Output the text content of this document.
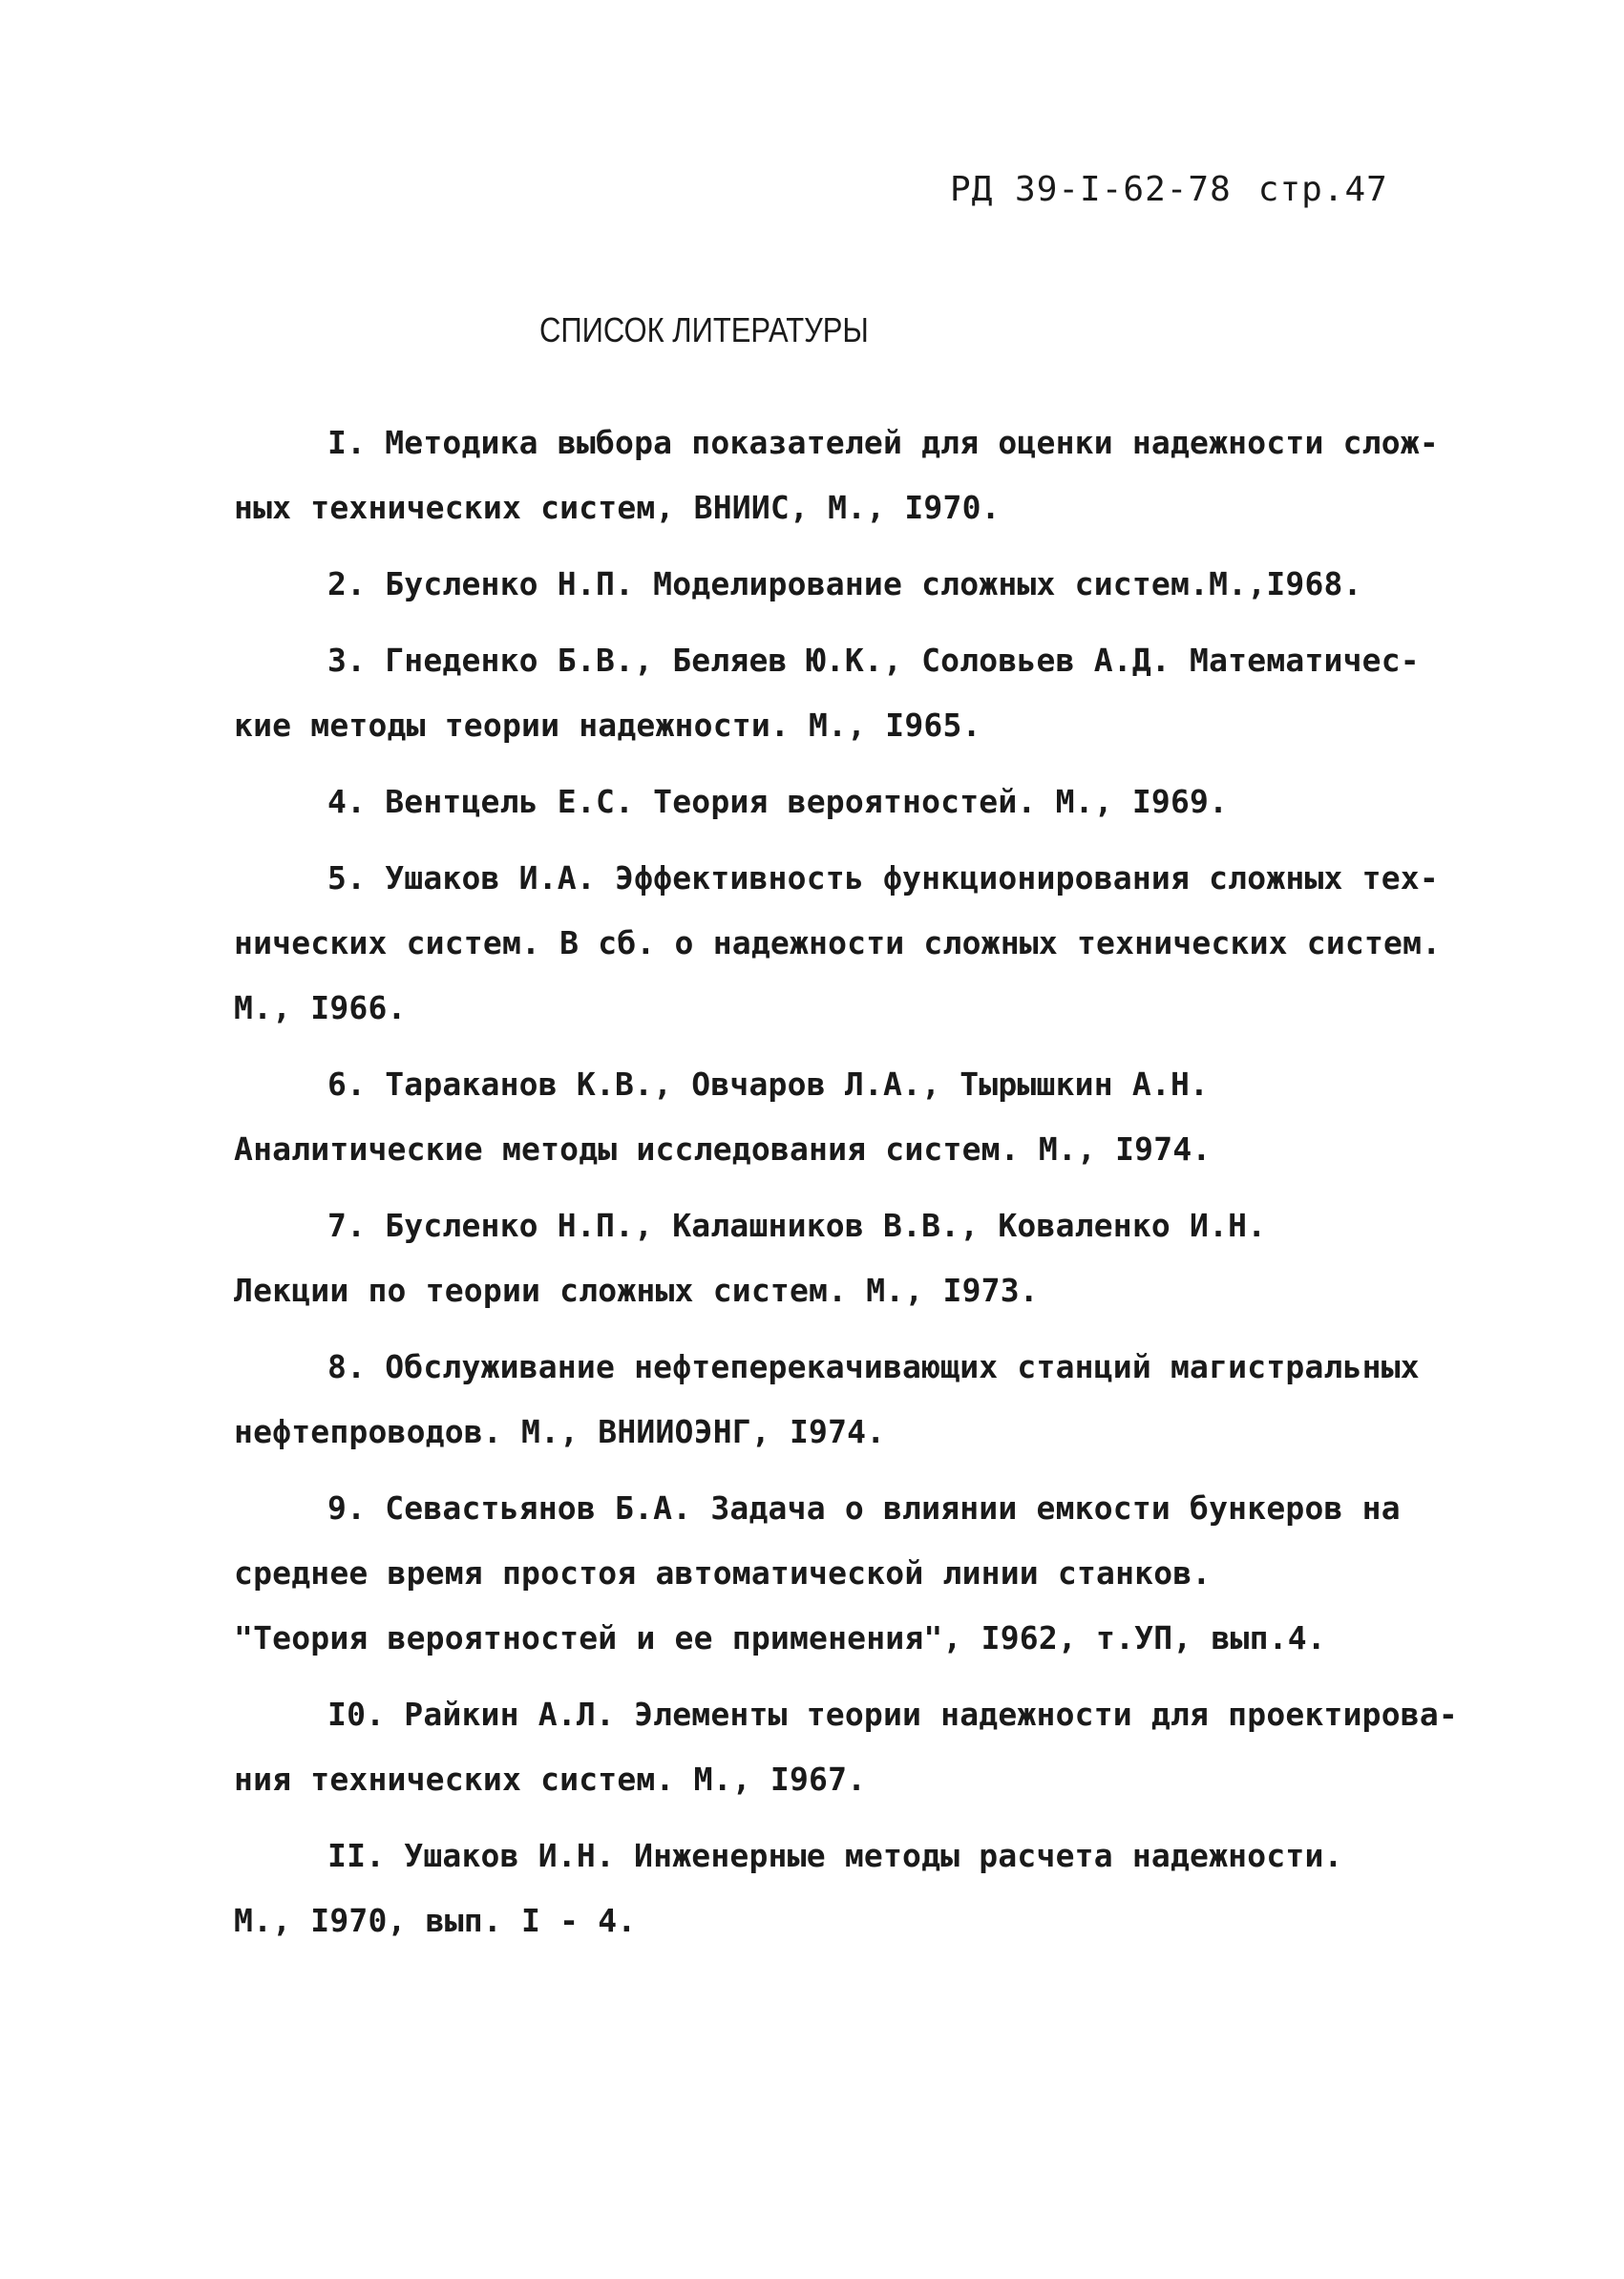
РД 39-I-62-78 стр.47
СПИСОК ЛИТЕРАТУРЫ
I. Методика выбора показателей для оценки надежности слож-
ных технических систем, ВНИИС, М., I970.
2. Бусленко Н.П. Моделирование сложных систем.М.,I968.
3. Гнеденко Б.В., Беляев Ю.К., Соловьев А.Д. Математичес-
кие методы теории надежности. М., I965.
4. Вентцель Е.С. Теория вероятностей. М., I969.
5. Ушаков И.А. Эффективность функционирования сложных тех-
нических систем. В сб. о надежности сложных технических систем.
М., I966.
6. Тараканов К.В., Овчаров Л.А., Тырышкин А.Н.
Аналитические методы исследования систем. М., I974.
7. Бусленко Н.П., Калашников В.В., Коваленко И.Н.
Лекции по теории сложных систем. М., I973.
8. Обслуживание нефтеперекачивающих станций магистральных
нефтепроводов. М., ВНИИОЭНГ, I974.
9. Севастьянов Б.А. Задача о влиянии емкости бункеров на
среднее время простоя автоматической линии станков.
"Теория вероятностей и ее применения", I962, т.УП, вып.4.
I0. Райкин А.Л. Элементы теории надежности для проектирова-
ния технических систем. М., I967.
II. Ушаков И.Н. Инженерные методы расчета надежности.
М., I970, вып. I - 4.
